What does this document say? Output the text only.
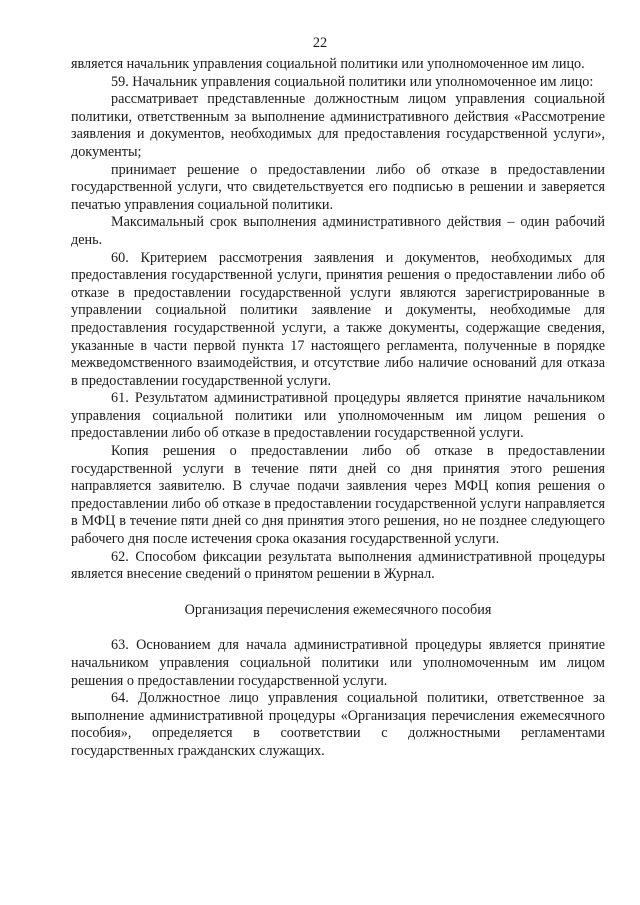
22

является начальник управления социальной политики или уполномоченное им лицо.

59. Начальник управления социальной политики или уполномоченное им лицо:

рассматривает представленные должностным лицом управления социальной политики, ответственным за выполнение административного действия «Рассмотрение заявления и документов, необходимых для предоставления государственной услуги», документы;

принимает решение о предоставлении либо об отказе в предоставлении государственной услуги, что свидетельствуется его подписью в решении и заверяется печатью управления социальной политики.

Максимальный срок выполнения административного действия – один рабочий день.

60. Критерием рассмотрения заявления и документов, необходимых для предоставления государственной услуги, принятия решения о предоставлении либо об отказе в предоставлении государственной услуги являются зарегистрированные в управлении социальной политики заявление и документы, необходимые для предоставления государственной услуги, а также документы, содержащие сведения, указанные в части первой пункта 17 настоящего регламента, полученные в порядке межведомственного взаимодействия, и отсутствие либо наличие оснований для отказа в предоставлении государственной услуги.

61. Результатом административной процедуры является принятие начальником управления социальной политики или уполномоченным им лицом решения о предоставлении либо об отказе в предоставлении государственной услуги.

Копия решения о предоставлении либо об отказе в предоставлении государственной услуги в течение пяти дней со дня принятия этого решения направляется заявителю. В случае подачи заявления через МФЦ копия решения о предоставлении либо об отказе в предоставлении государственной услуги направляется в МФЦ в течение пяти дней со дня принятия этого решения, но не позднее следующего рабочего дня после истечения срока оказания государственной услуги.

62. Способом фиксации результата выполнения административной процедуры является внесение сведений о принятом решении в Журнал.

Организация перечисления ежемесячного пособия

63. Основанием для начала административной процедуры является принятие начальником управления социальной политики или уполномоченным им лицом решения о предоставлении государственной услуги.

64. Должностное лицо управления социальной политики, ответственное за выполнение административной процедуры «Организация перечисления ежемесячного пособия», определяется в соответствии с должностными регламентами государственных гражданских служащих.
